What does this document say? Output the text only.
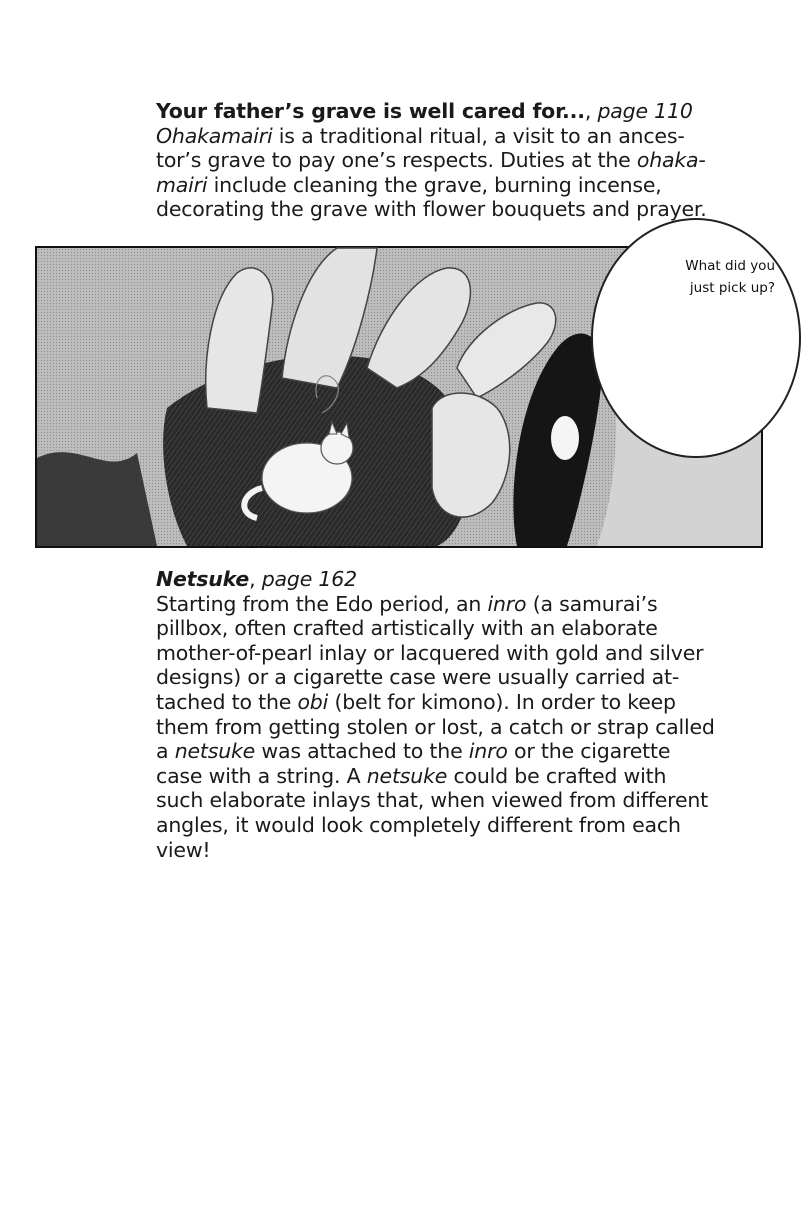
Your father’s grave is well cared for..., page 110

Ohakamairi is a traditional ritual, a visit to an ances-
tor’s grave to pay one’s respects. Duties at the ohaka-
mairi include cleaning the grave, burning incense,
decorating the grave with flower bouquets and prayer.
What did you
just pick up?

Netsuke, page 162

Starting from the Edo period, an inro (a samurai’s
pillbox, often crafted artistically with an elaborate
mother-of-pearl inlay or lacquered with gold and silver
designs) or a cigarette case were usually carried at-
tached to the obi (belt for kimono). In order to keep
them from getting stolen or lost, a catch or strap called
a netsuke was attached to the inro or the cigarette
case with a string. A netsuke could be crafted with
such elaborate inlays that, when viewed from different
angles, it would look completely different from each
view!
